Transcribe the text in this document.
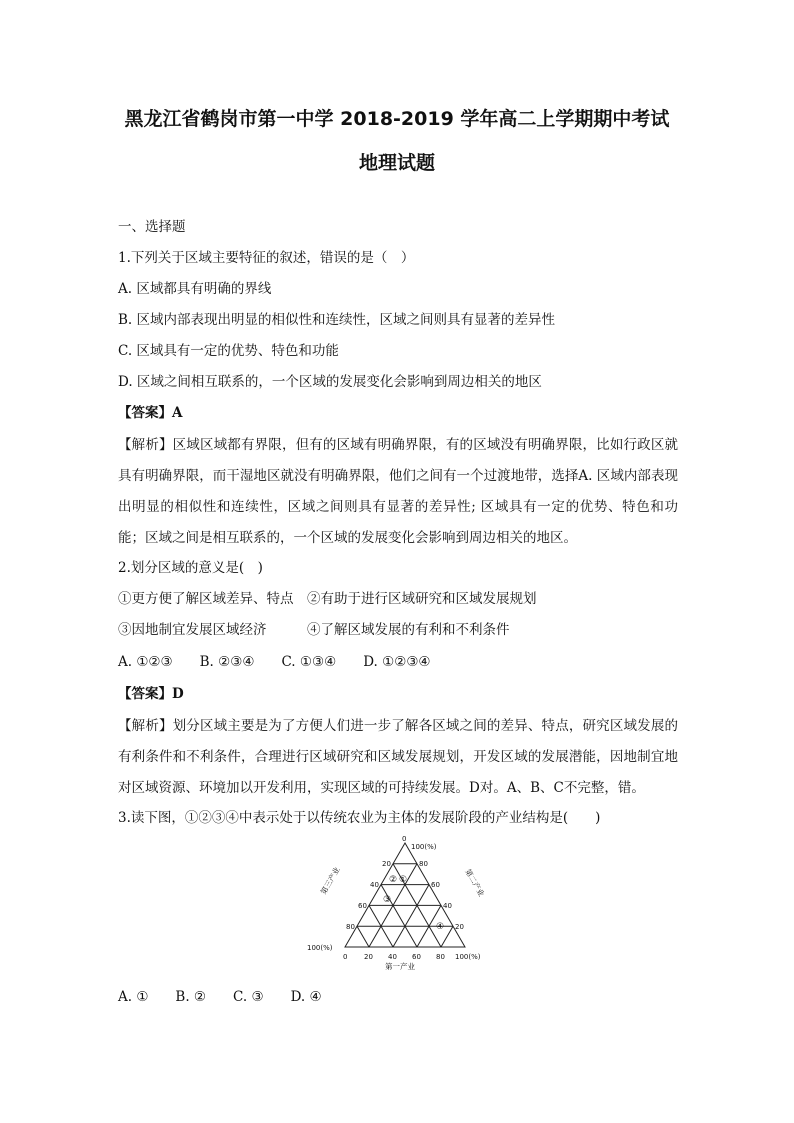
黑龙江省鹤岗市第一中学 2018-2019 学年高二上学期期中考试
地理试题
一、选择题
1.下列关于区域主要特征的叙述，错误的是（　）
A. 区域都具有明确的界线
B. 区域内部表现出明显的相似性和连续性，区域之间则具有显著的差异性
C. 区域具有一定的优势、特色和功能
D. 区域之间相互联系的，一个区域的发展变化会影响到周边相关的地区
【答案】A
【解析】区域区域都有界限，但有的区域有明确界限，有的区域没有明确界限，比如行政区就具有明确界限，而干湿地区就没有明确界限，他们之间有一个过渡地带，选择A. 区域内部表现出明显的相似性和连续性，区域之间则具有显著的差异性; 区域具有一定的优势、特色和功能；区域之间是相互联系的，一个区域的发展变化会影响到周边相关的地区。
2.划分区域的意义是(　)
①更方便了解区域差异、特点　②有助于进行区域研究和区域发展规划
③因地制宜发展区域经济　　　④了解区域发展的有利和不利条件
A. ①②③　　B. ②③④　　C. ①③④　　D. ①②③④
【答案】D
【解析】划分区域主要是为了方便人们进一步了解各区域之间的差异、特点，研究区域发展的有利条件和不利条件，合理进行区域研究和区域发展规划，开发区域的发展潜能，因地制宜地对区域资源、环境加以开发利用，实现区域的可持续发展。D对。A、B、C不完整，错。
3.读下图，①②③④中表示处于以传统农业为主体的发展阶段的产业结构是(　　)
0
100(%)
100(%)
100(%)
20
40
60
80
80
60
40
20
0 20 40 60 80
第一产业
第三产业	第二产业
② ①
③
④
A. ①　　B. ②　　C. ③　　D. ④
